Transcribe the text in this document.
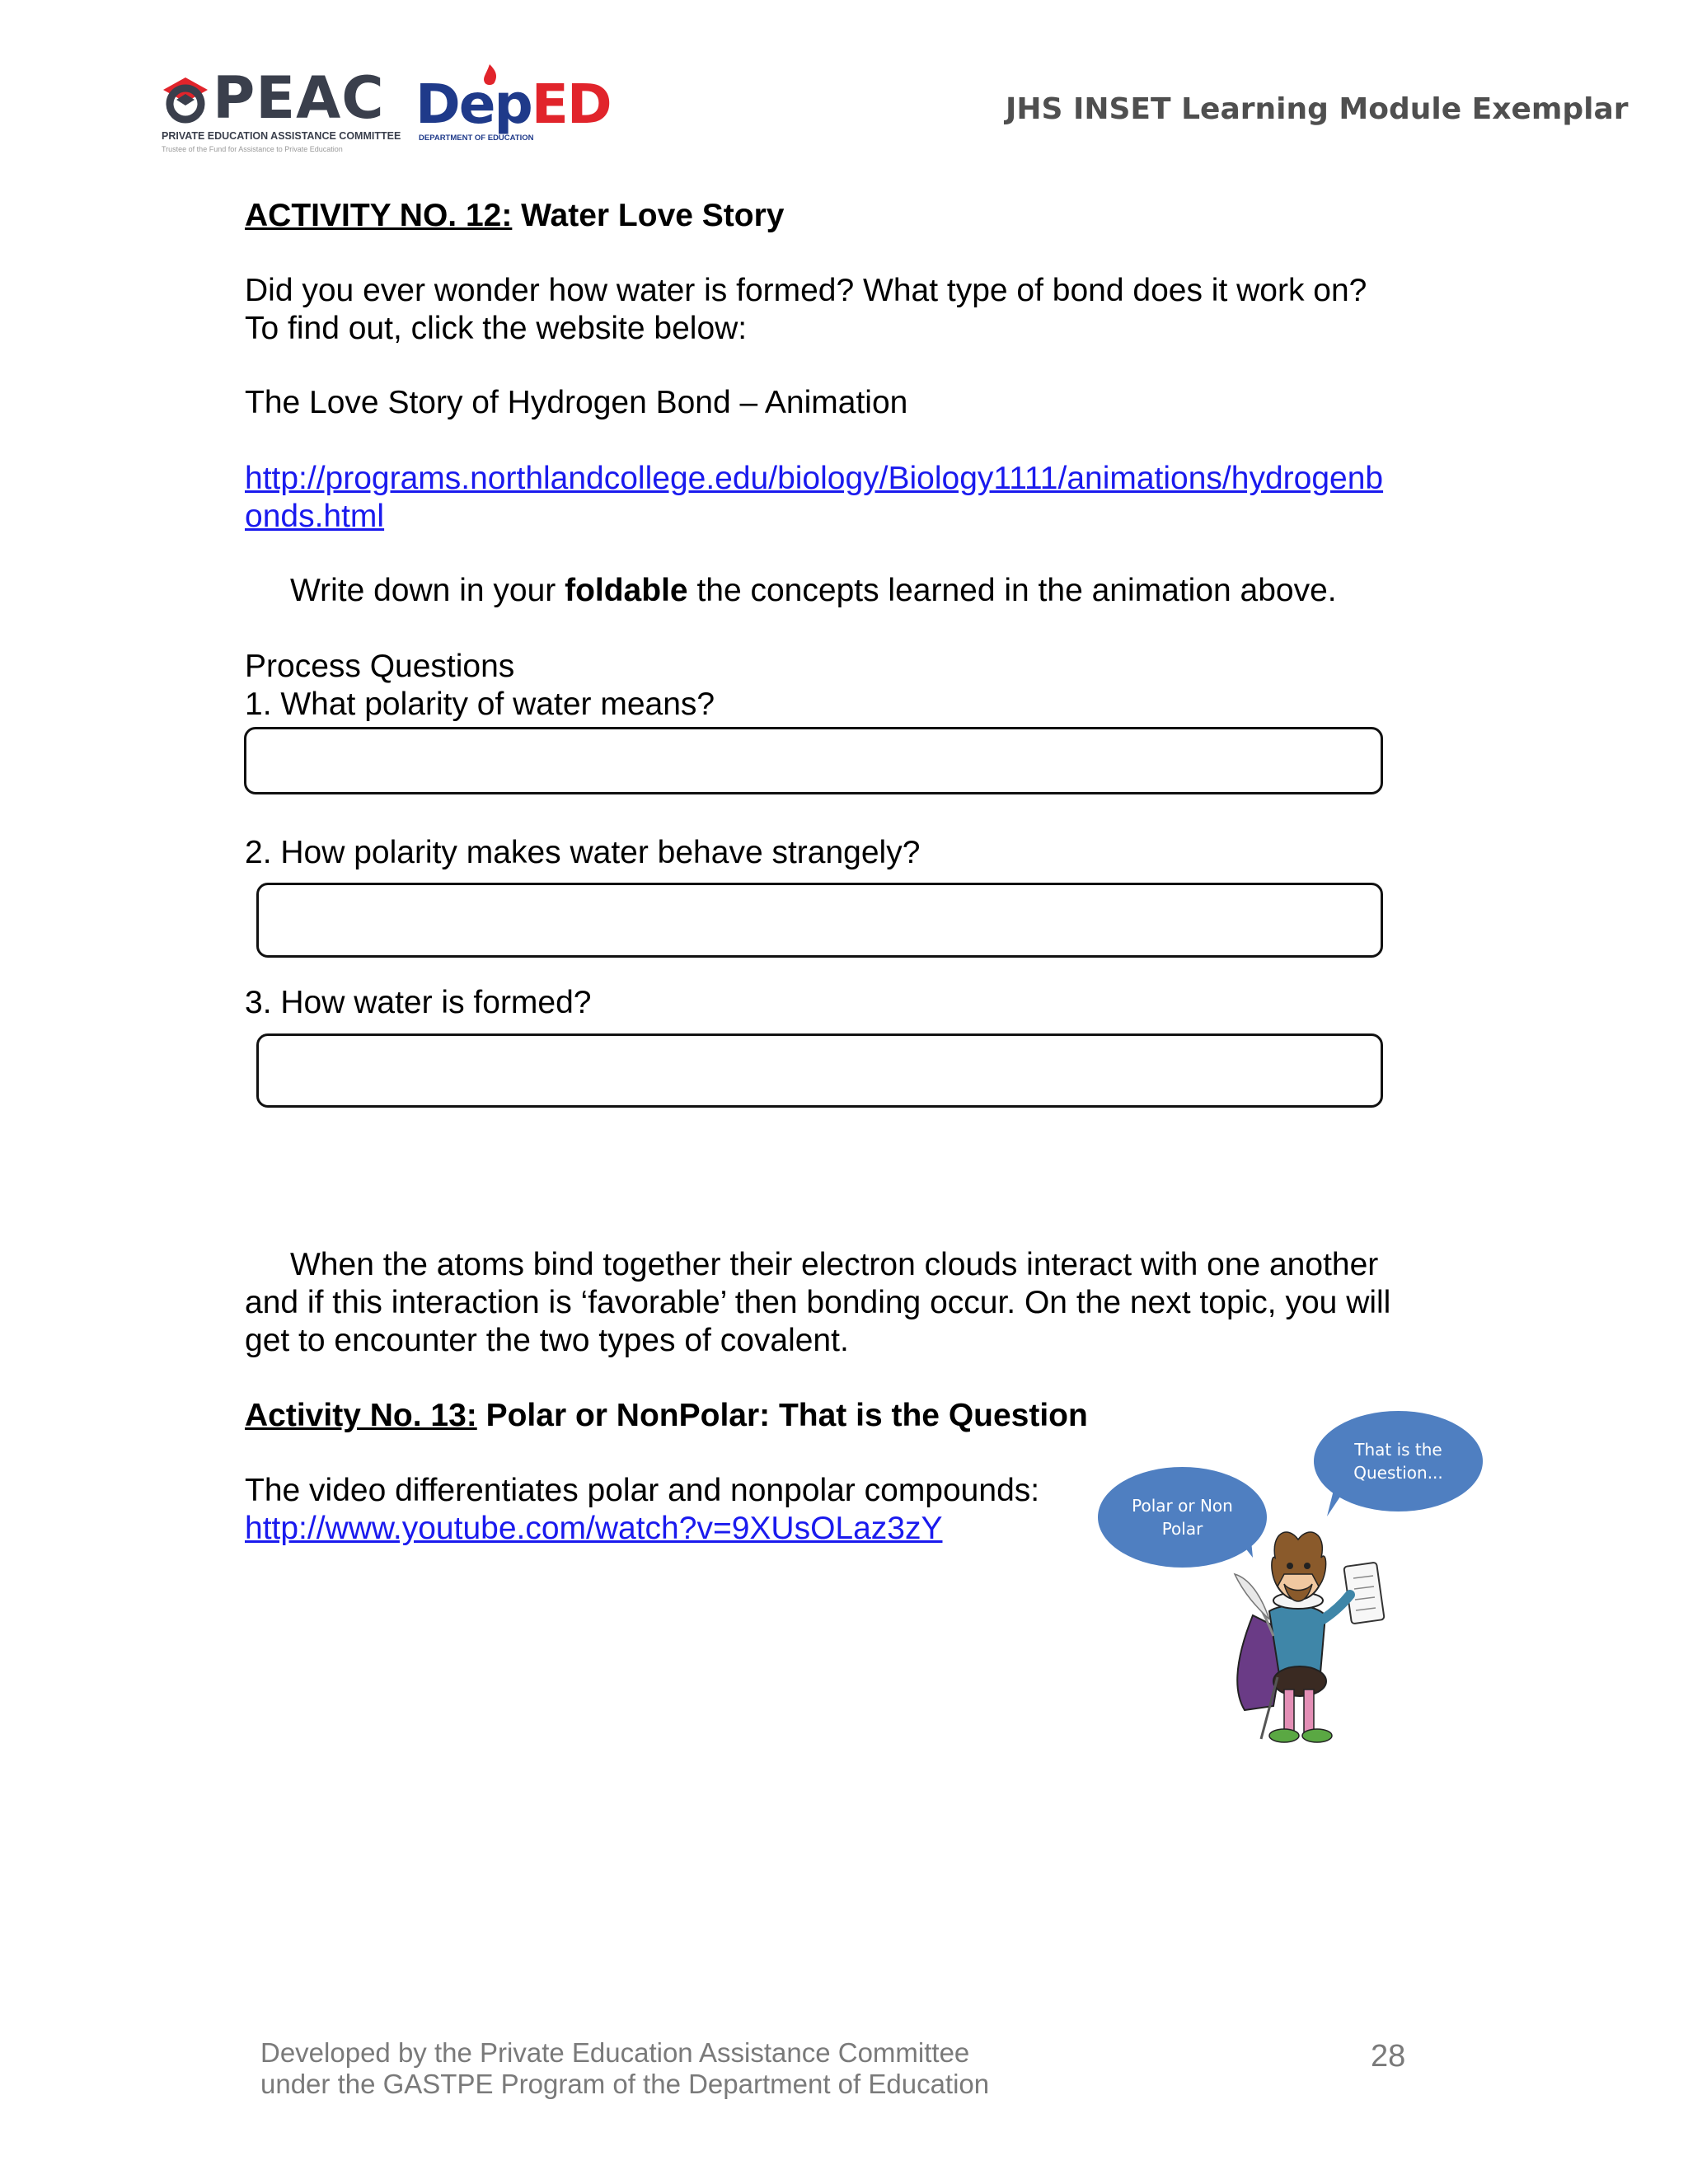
PEAC
PRIVATE EDUCATION ASSISTANCE COMMITTEE
Trustee of the Fund for Assistance to Private Education
DepED
DEPARTMENT OF EDUCATION
JHS INSET Learning Module Exemplar
ACTIVITY NO. 12: Water Love Story
Did you ever wonder how water is formed? What type of bond does it work on?
To find out, click the website below:
The Love Story of Hydrogen Bond – Animation
http://programs.northlandcollege.edu/biology/Biology1111/animations/hydrogenb
onds.html
Write down in your foldable the concepts learned in the animation above.
Process Questions
1. What polarity of water means?
2. How polarity makes water behave strangely?
3. How water is formed?
When the atoms bind together their electron clouds interact with one another
and if this interaction is ‘favorable’ then bonding occur. On the next topic, you will
get to encounter the two types of covalent.
Activity No. 13: Polar or NonPolar: That is the Question
The video differentiates polar and nonpolar compounds:
http://www.youtube.com/watch?v=9XUsOLaz3zY
Polar or Non Polar
That is the Question...
Developed by the Private Education Assistance Committee
under the GASTPE Program of the Department of Education
28
